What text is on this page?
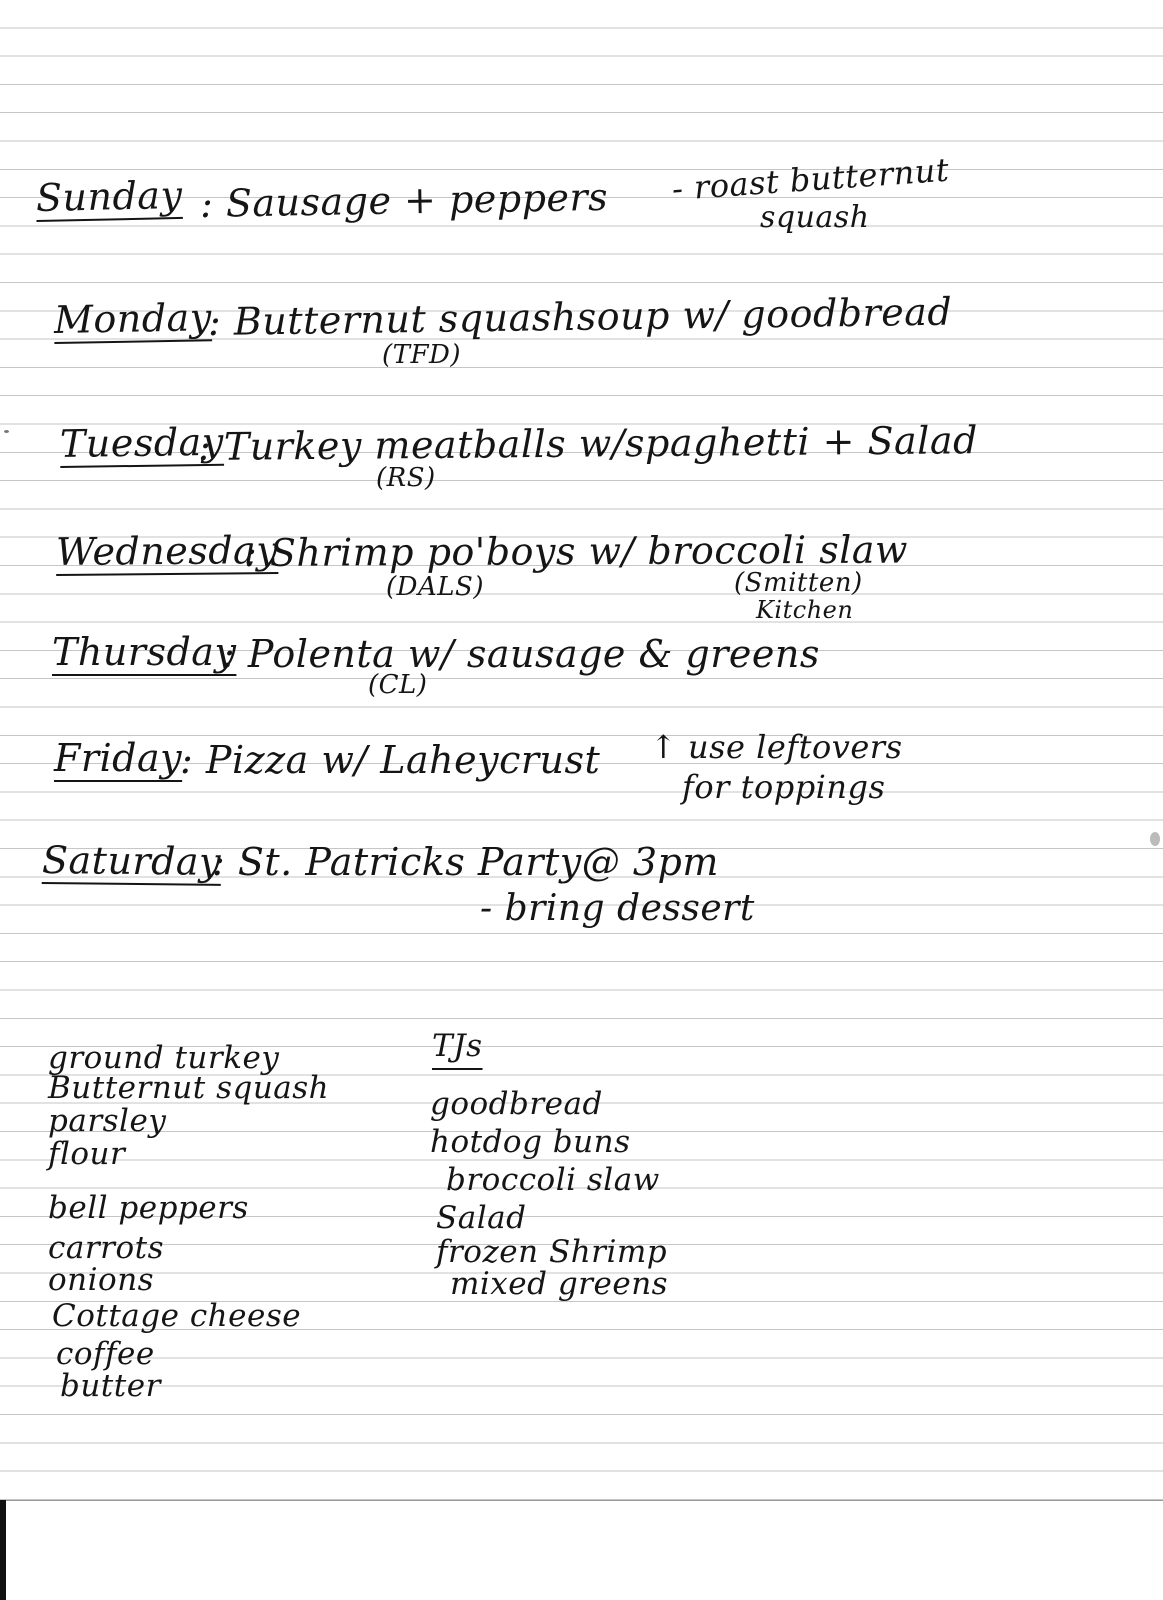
Sunday : Sausage + peppers - roast butternut
squash
Monday
: Butternut squashsoup w/ goodbread
(TFD)
Tuesday
: Turkey meatballs w/spaghetti + Salad
(RS)
Wednesday
: Shrimp po'boys w/ broccoli slaw
(DALS)	(Smitten)
Kitchen
Thursday
: Polenta w/ sausage & greens
(CL)
Friday
: Pizza w/ Laheycrust ↑ use leftovers
for toppings
Saturday
: St. Patricks Party@ 3pm
- bring dessert
ground turkey
Butternut squash
parsley
flour
bell peppers
carrots
onions
Cottage cheese
coffee
butter
TJs
goodbread
hotdog buns
broccoli slaw
Salad
frozen Shrimp
mixed greens
